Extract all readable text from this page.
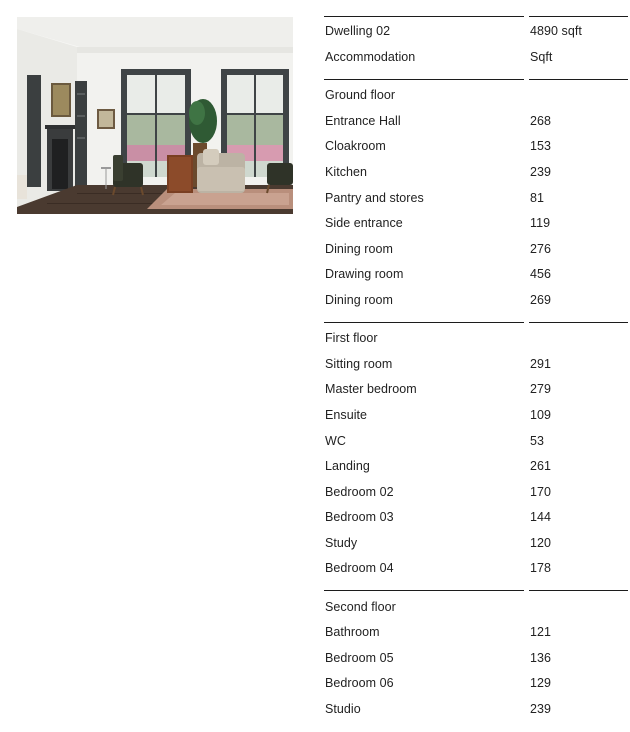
Dwelling 02	4890 sqft
Accommodation	Sqft
Ground floor
Entrance Hall	268
Cloakroom	153
Kitchen	239
Pantry and stores	81
Side entrance	119
Dining room	276
Drawing room	456
Dining room	269
First floor
Sitting room	291
Master bedroom	279
Ensuite	109
WC	53
Landing	261
Bedroom 02	170
Bedroom 03	144
Study	120
Bedroom 04	178
Second floor
Bathroom	121
Bedroom 05	136
Bedroom 06	129
Studio	239
